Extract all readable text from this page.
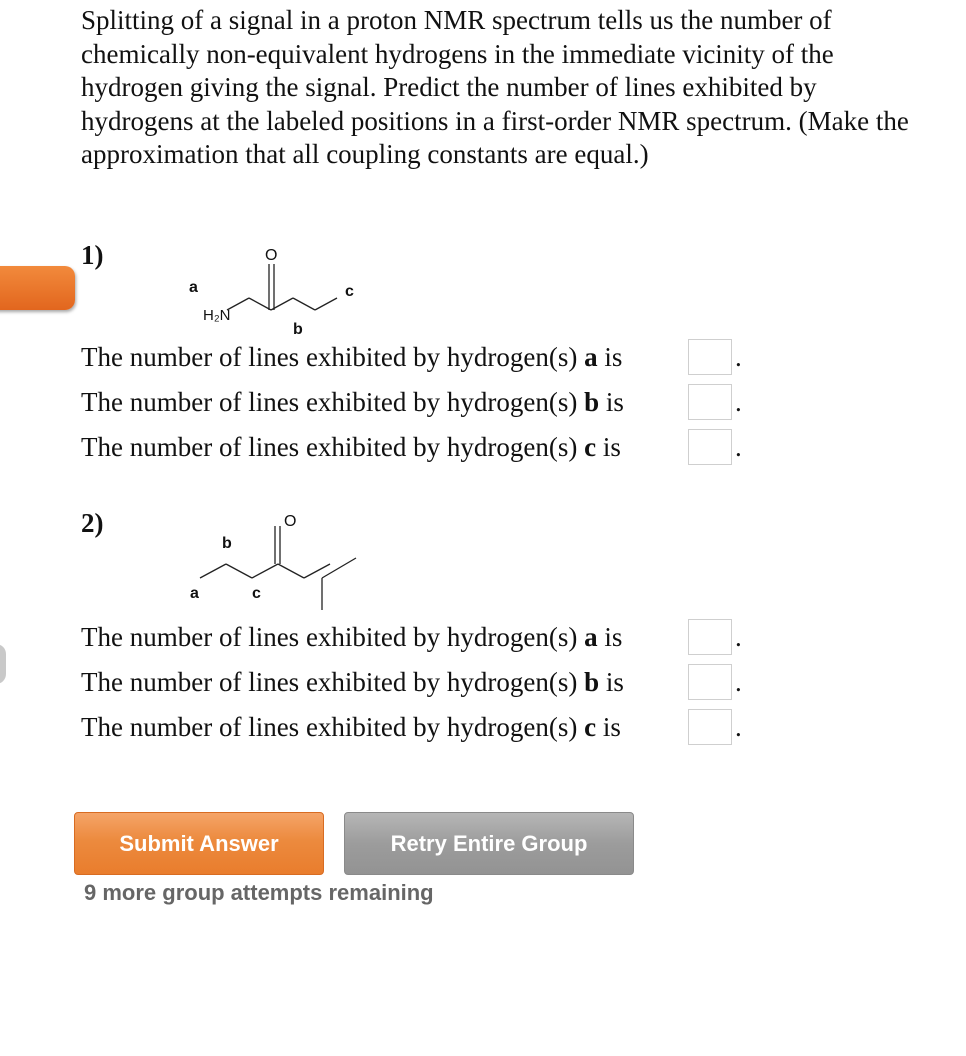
Splitting of a signal in a proton NMR spectrum tells us the number of chemically non-equivalent hydrogens in the immediate vicinity of the hydrogen giving the signal. Predict the number of lines exhibited by hydrogens at the labeled positions in a first-order NMR spectrum. (Make the approximation that all coupling constants are equal.)

1)	O
H₂N
a
b
c
The number of lines exhibited by hydrogen(s) a is	.
The number of lines exhibited by hydrogen(s) b is	.
The number of lines exhibited by hydrogen(s) c is	.
2)	O
a
b
c
The number of lines exhibited by hydrogen(s) a is	.
The number of lines exhibited by hydrogen(s) b is	.
The number of lines exhibited by hydrogen(s) c is	.
Submit Answer	Retry Entire Group
9 more group attempts remaining
